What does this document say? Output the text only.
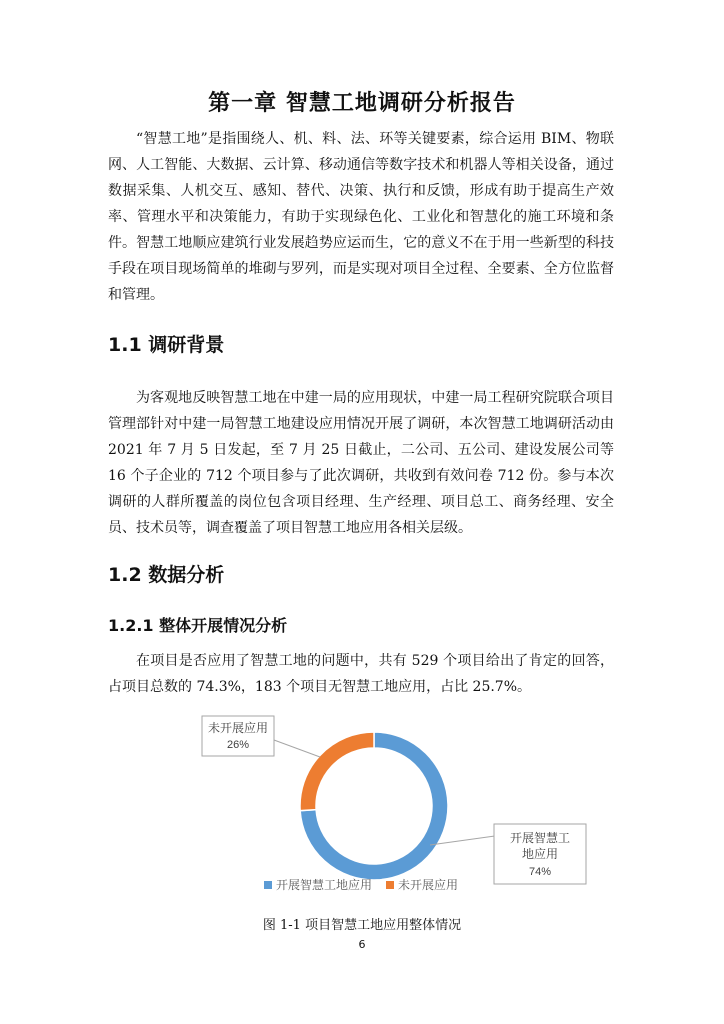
第一章 智慧工地调研分析报告

“智慧工地”是指围绕人、机、料、法、环等关键要素，综合运用 BIM、物联网、人工智能、大数据、云计算、移动通信等数字技术和机器人等相关设备，通过数据采集、人机交互、感知、替代、决策、执行和反馈，形成有助于提高生产效率、管理水平和决策能力，有助于实现绿色化、工业化和智慧化的施工环境和条件。智慧工地顺应建筑行业发展趋势应运而生，它的意义不在于用一些新型的科技手段在项目现场简单的堆砌与罗列，而是实现对项目全过程、全要素、全方位监督和管理。

1.1 调研背景

为客观地反映智慧工地在中建一局的应用现状，中建一局工程研究院联合项目管理部针对中建一局智慧工地建设应用情况开展了调研，本次智慧工地调研活动由 2021 年 7 月 5 日发起，至 7 月 25 日截止，二公司、五公司、建设发展公司等 16 个子企业的 712 个项目参与了此次调研，共收到有效问卷 712 份。参与本次调研的人群所覆盖的岗位包含项目经理、生产经理、项目总工、商务经理、安全员、技术员等，调查覆盖了项目智慧工地应用各相关层级。

1.2 数据分析
1.2.1 整体开展情况分析

在项目是否应用了智慧工地的问题中，共有 529 个项目给出了肯定的回答，占项目总数的 74.3%，183 个项目无智慧工地应用，占比 25.7%。

未开展应用
26%
开展智慧工
地应用
74%
开展智慧工地应用 未开展应用

图 1-1 项目智慧工地应用整体情况

6
